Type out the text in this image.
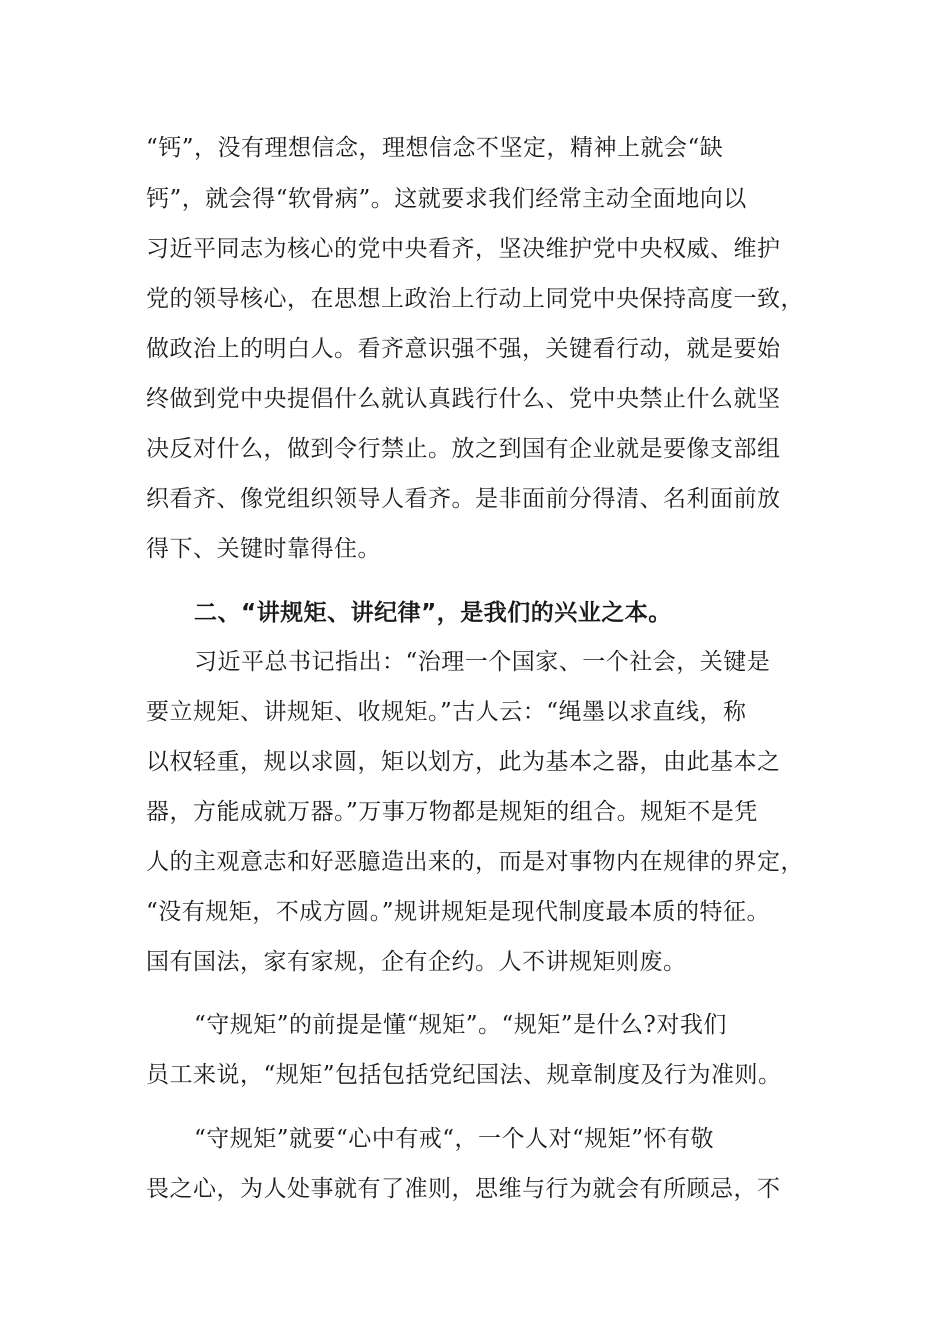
“钙”，没有理想信念，理想信念不坚定，精神上就会“缺
钙”，就会得“软骨病”。这就要求我们经常主动全面地向以
习近平同志为核心的党中央看齐，坚决维护党中央权威、维护
党的领导核心，在思想上政治上行动上同党中央保持高度一致，
做政治上的明白人。看齐意识强不强，关键看行动，就是要始
终做到党中央提倡什么就认真践行什么、党中央禁止什么就坚
决反对什么，做到令行禁止。放之到国有企业就是要像支部组
织看齐、像党组织领导人看齐。是非面前分得清、名利面前放
得下、关键时靠得住。
二、“讲规矩、讲纪律”，是我们的兴业之本。
习近平总书记指出：“治理一个国家、一个社会，关键是
要立规矩、讲规矩、收规矩。”古人云：“绳墨以求直线，称
以权轻重，规以求圆，矩以划方，此为基本之器，由此基本之
器，方能成就万器。”万事万物都是规矩的组合。规矩不是凭
人的主观意志和好恶臆造出来的，而是对事物内在规律的界定，
“没有规矩，不成方圆。”规讲规矩是现代制度最本质的特征。
国有国法，家有家规，企有企约。人不讲规矩则废。
“守规矩”的前提是懂“规矩”。“规矩”是什么?对我们
员工来说，“规矩”包括包括党纪国法、规章制度及行为准则。
“守规矩”就要“心中有戒“，一个人对“规矩”怀有敬
畏之心，为人处事就有了准则，思维与行为就会有所顾忌，不
